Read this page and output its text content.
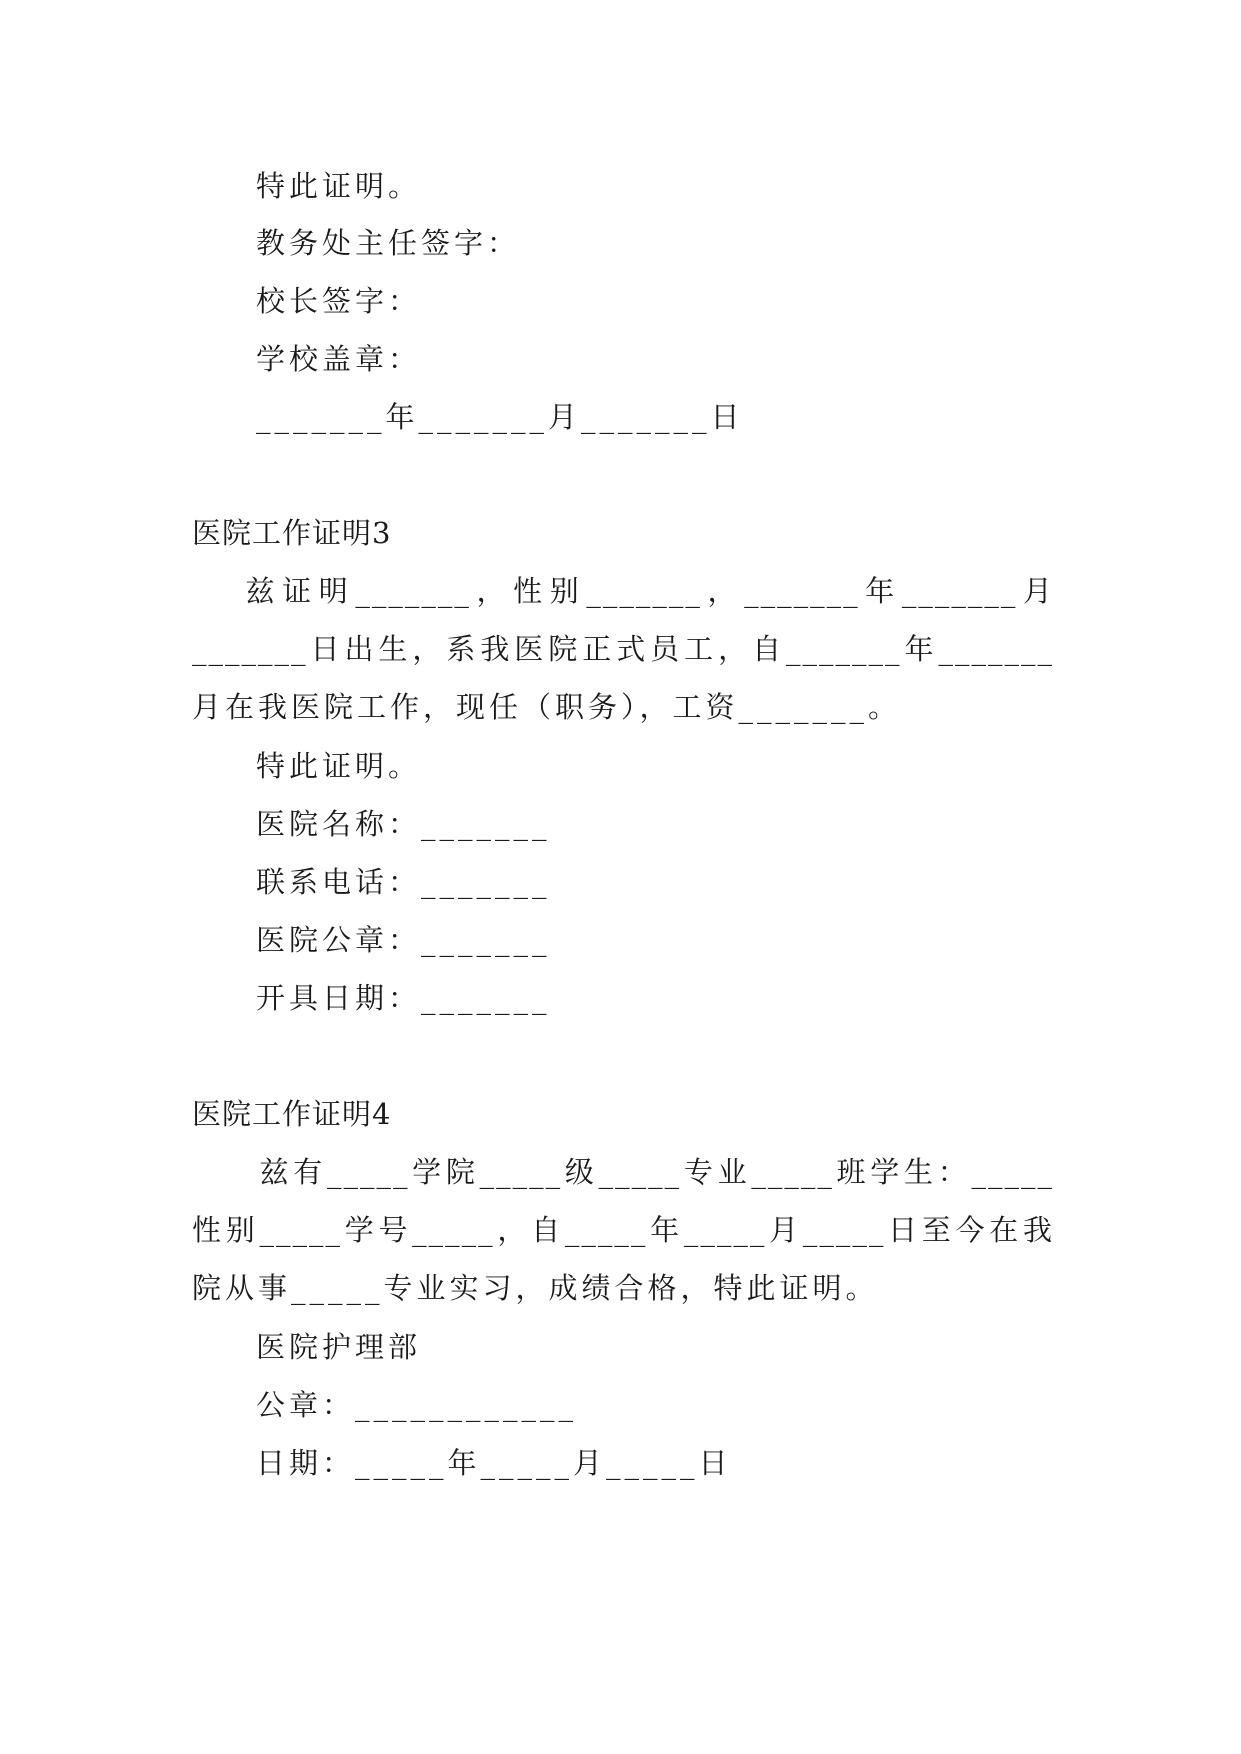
特此证明。
教务处主任签字：
校长签字：
学校盖章：
_______年_______月_______日
医院工作证明3
　 兹证明_______，性别_______，_______年_______月
_______日出生，系我医院正式员工，自_______年_______
月在我医院工作，现任（职务），工资_______。
特此证明。
医院名称：_______
联系电话：_______
医院公章：_______
开具日期：_______
医院工作证明4
　　兹有_____学院_____级_____专业_____班学生：_____
性别_____学号_____，自_____年_____月_____日至今在我
院从事_____专业实习，成绩合格，特此证明。
医院护理部
公章：____________
日期：_____年_____月_____日
